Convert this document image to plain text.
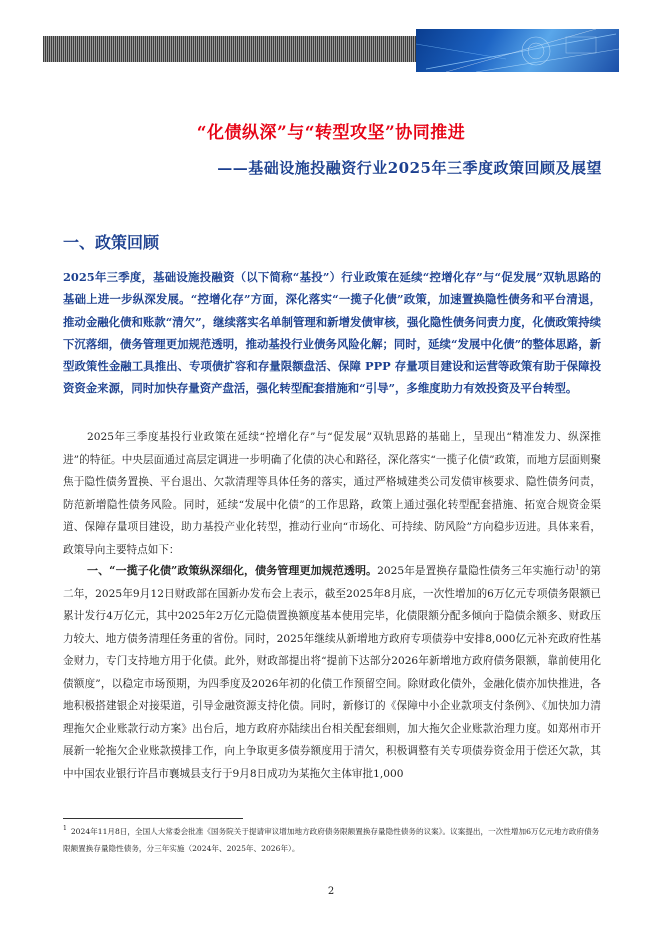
“化债纵深”与“转型攻坚”协同推进
——基础设施投融资行业2025年三季度政策回顾及展望
一、政策回顾
2025年三季度，基础设施投融资（以下简称“基投”）行业政策在延续“控增化存”与“促发展”双轨思路的基础上进一步纵深发展。“控增化存”方面，深化落实“一揽子化债”政策，加速置换隐性债务和平台清退，推动金融化债和账款“清欠”，继续落实名单制管理和新增发债审核，强化隐性债务问责力度，化债政策持续下沉落细，债务管理更加规范透明，推动基投行业债务风险化解；同时，延续“发展中化债”的整体思路，新型政策性金融工具推出、专项债扩容和存量限额盘活、保障 PPP 存量项目建设和运营等政策有助于保障投资资金来源，同时加快存量资产盘活，强化转型配套措施和“引导”，多维度助力有效投资及平台转型。
2025年三季度基投行业政策在延续“控增化存”与“促发展”双轨思路的基础上，呈现出“精准发力、纵深推进”的特征。中央层面通过高层定调进一步明确了化债的决心和路径，深化落实“一揽子化债”政策，而地方层面则聚焦于隐性债务置换、平台退出、欠款清理等具体任务的落实，通过严格城建类公司发债审核要求、隐性债务问责，防范新增隐性债务风险。同时，延续“发展中化债”的工作思路，政策上通过强化转型配套措施、拓宽合规资金渠道、保障存量项目建设，助力基投产业化转型，推动行业向“市场化、可持续、防风险”方向稳步迈进。具体来看，政策导向主要特点如下：
一、“一揽子化债”政策纵深细化，债务管理更加规范透明。2025年是置换存量隐性债务三年实施行动$^1$的第二年，2025年9月12日财政部在国新办发布会上表示，截至2025年8月底，一次性增加的6万亿元专项债务限额已累计发行4万亿元，其中2025年2万亿元隐债置换额度基本使用完毕，化债限额分配多倾向于隐债余额多、财政压力较大、地方债务清理任务重的省份。同时，2025年继续从新增地方政府专项债券中安排8,000亿元补充政府性基金财力，专门支持地方用于化债。此外，财政部提出将“提前下达部分2026年新增地方政府债务限额，靠前使用化债额度”，以稳定市场预期，为四季度及2026年初的化债工作预留空间。除财政化债外，金融化债亦加快推进，各地积极搭建银企对接渠道，引导金融资源支持化债。同时，新修订的《保障中小企业款项支付条例》、《加快加力清理拖欠企业账款行动方案》出台后，地方政府亦陆续出台相关配套细则，加大拖欠企业账款治理力度。如郑州市开展新一轮拖欠企业账款摸排工作，向上争取更多债券额度用于清欠，积极调整有关专项债券资金用于偿还欠款，其中中国农业银行许昌市襄城县支行于9月8日成功为某拖欠主体审批1,000
$^1$ 2024年11月8日，全国人大常委会批准《国务院关于提请审议增加地方政府债务限额置换存量隐性债务的议案》。议案提出，一次性增加6万亿元地方政府债务限额置换存量隐性债务，分三年实施（2024年、2025年、2026年）。
2
